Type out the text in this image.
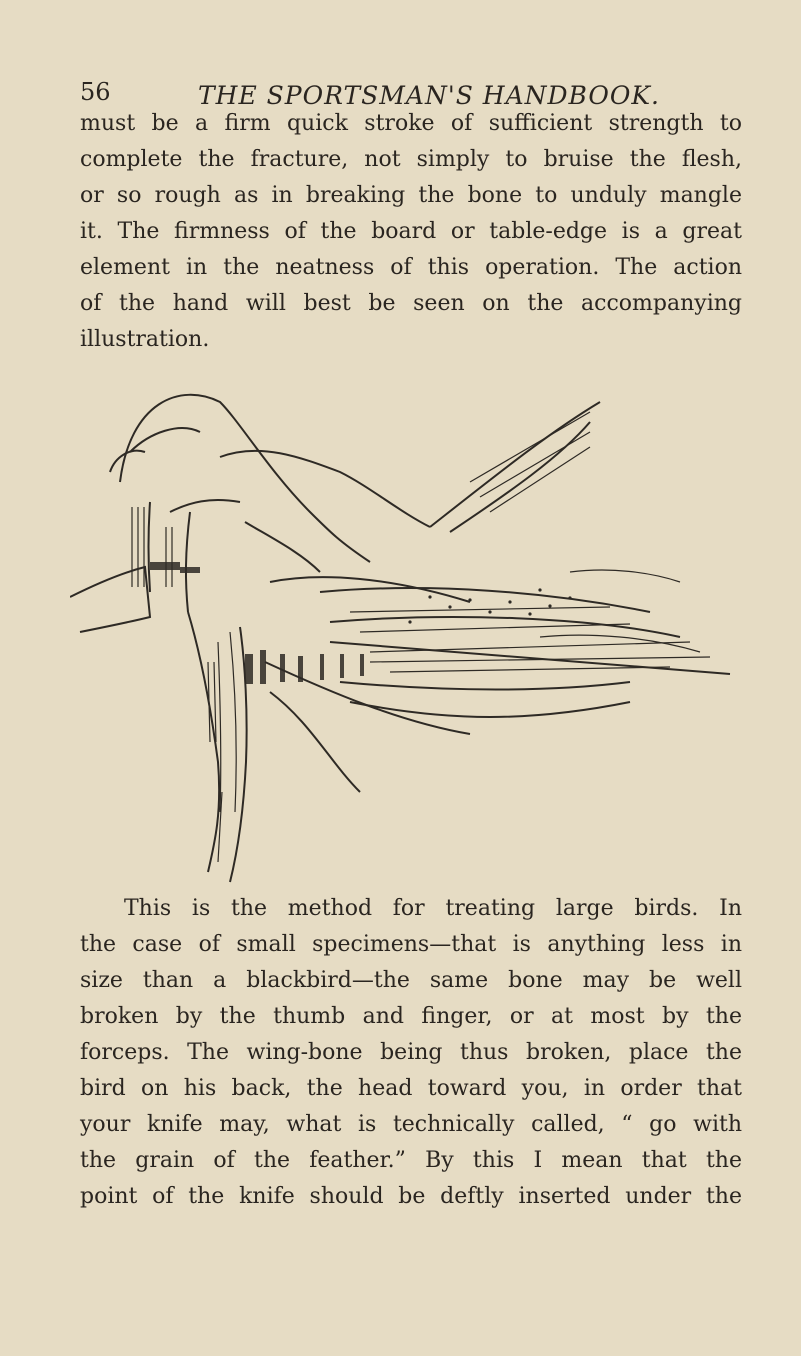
56	THE SPORTSMAN'S HANDBOOK.
must be a firm quick stroke of sufficient strength to
complete the fracture, not simply to bruise the flesh,
or so rough as in breaking the bone to unduly mangle
it. The firmness of the board or table-edge is a great
element in the neatness of this operation. The action
of the hand will best be seen on the accompanying
illustration.
This is the method for treating large birds. In
the case of small specimens—that is anything less in
size than a blackbird—the same bone may be well
broken by the thumb and finger, or at most by the
forceps. The wing-bone being thus broken, place the
bird on his back, the head toward you, in order that
your knife may, what is technically called, “ go with
the grain of the feather.” By this I mean that the
point of the knife should be deftly inserted under the
